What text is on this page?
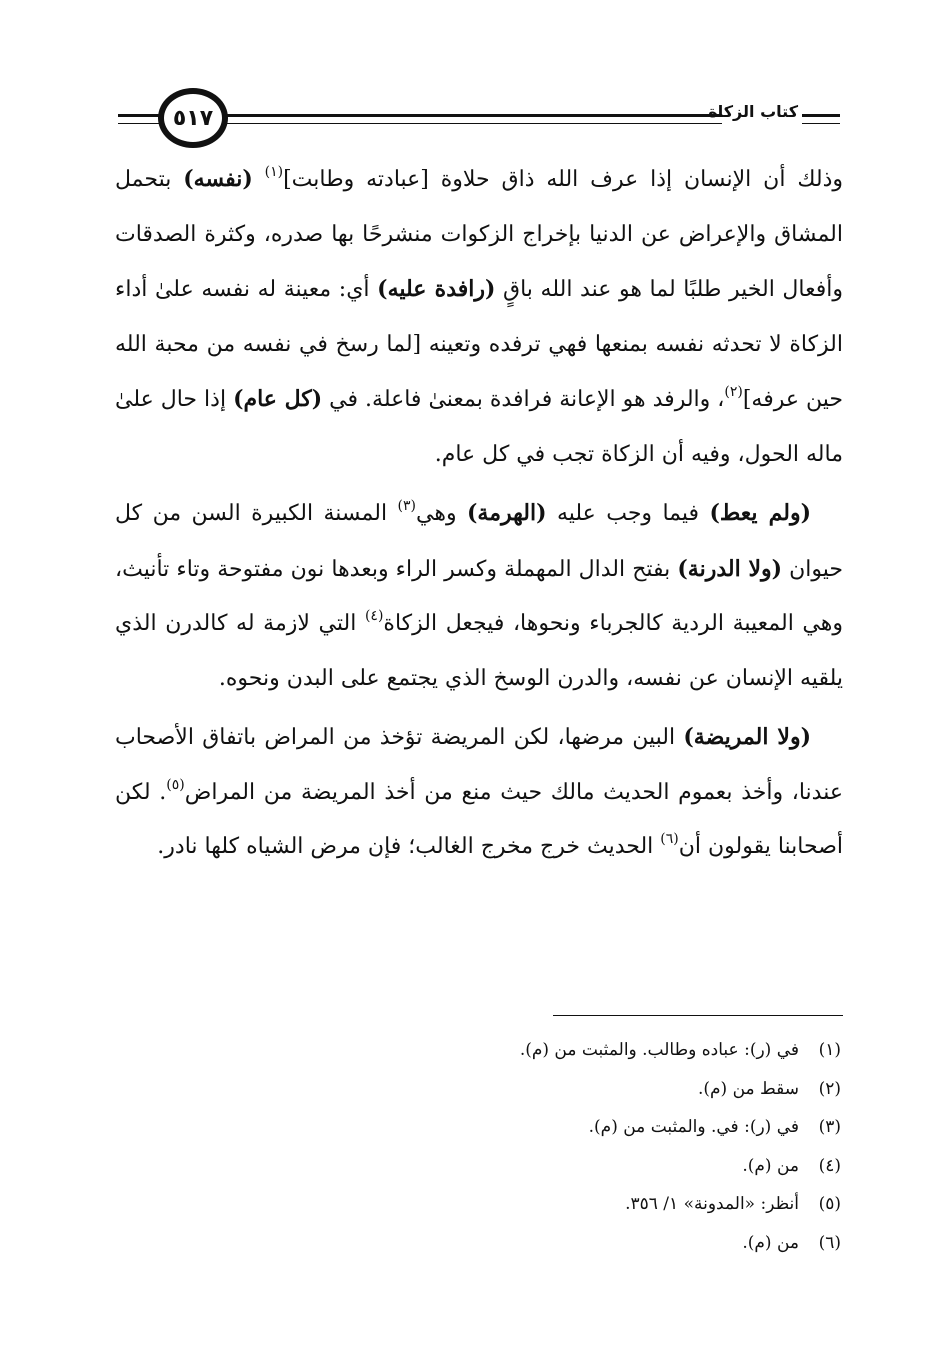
٥١٧	كتاب الزكاة

وذلك أن الإنسان إذا عرف الله ذاق حلاوة [عبادته وطابت]$^{(١)}$ (نفسه) بتحمل المشاق والإعراض عن الدنيا بإخراج الزكوات منشرحًا بها صدره، وكثرة الصدقات وأفعال الخير طلبًا لما هو عند الله باقٍ (رافدة عليه) أي: معينة له نفسه علىٰ أداء الزكاة لا تحدثه نفسه بمنعها فهي ترفده وتعينه [لما رسخ في نفسه من محبة الله حين عرفه]$^{(٢)}$، والرفد هو الإعانة فرافدة بمعنىٰ فاعلة. في (كل عام) إذا حال علىٰ ماله الحول، وفيه أن الزكاة تجب في كل عام.

(ولم يعط) فيما وجب عليه (الهرمة) وهي$^{(٣)}$ المسنة الكبيرة السن من كل حيوان (ولا الدرنة) بفتح الدال المهملة وكسر الراء وبعدها نون مفتوحة وتاء تأنيث، وهي المعيبة الردية كالجرباء ونحوها، فيجعل الزكاة$^{(٤)}$ التي لازمة له كالدرن الذي يلقيه الإنسان عن نفسه، والدرن الوسخ الذي يجتمع على البدن ونحوه.

(ولا المريضة) البين مرضها، لكن المريضة تؤخذ من المراض باتفاق الأصحاب عندنا، وأخذ بعموم الحديث مالك حيث منع من أخذ المريضة من المراض$^{(٥)}$. لكن أصحابنا يقولون أن$^{(٦)}$ الحديث خرج مخرج الغالب؛ فإن مرض الشياه كلها نادر.

(١)في (ر): عباده وطالب. والمثبت من (م).
(٢)سقط من (م).
(٣)في (ر): في. والمثبت من (م).
(٤)من (م).
(٥)أنظر: «المدونة» ١/ ٣٥٦.
(٦)من (م).
